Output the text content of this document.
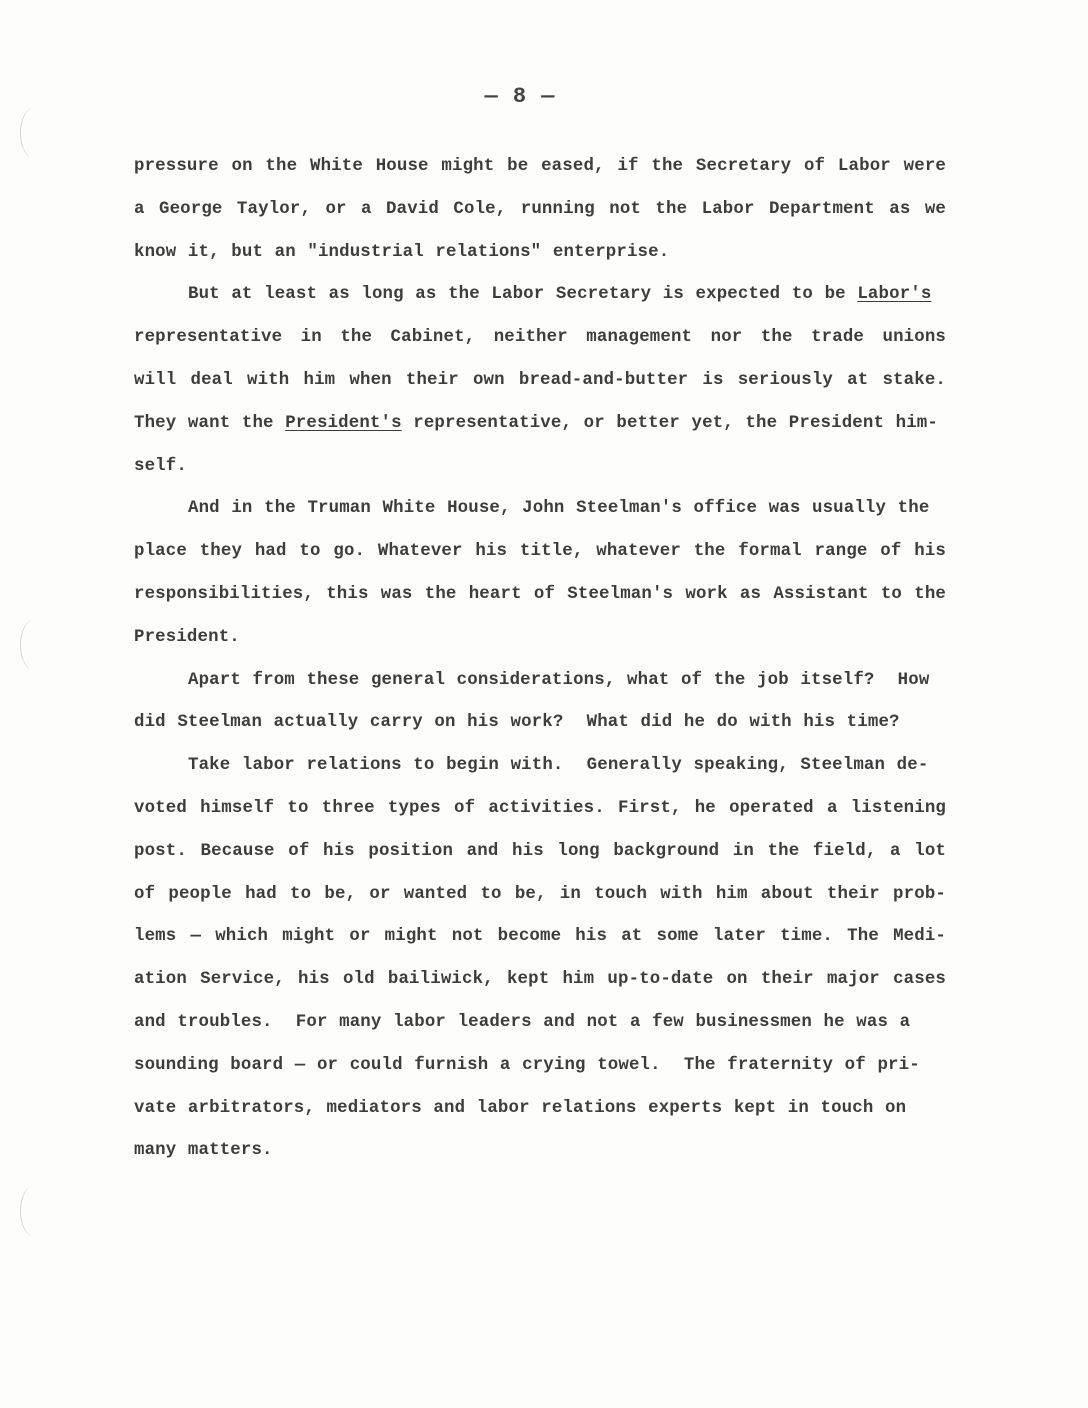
— 8 —
pressure on the White House might be eased, if the Secretary of Labor were
a George Taylor, or a David Cole, running not the Labor Department as we
know it, but an "industrial relations" enterprise.
But at least as long as the Labor Secretary is expected to be Labor's
representative in the Cabinet, neither management nor the trade unions
will deal with him when their own bread-and-butter is seriously at stake.
They want the President's representative, or better yet, the President him-
self.
And in the Truman White House, John Steelman's office was usually the
place they had to go. Whatever his title, whatever the formal range of his
responsibilities, this was the heart of Steelman's work as Assistant to the
President.
Apart from these general considerations, what of the job itself?  How
did Steelman actually carry on his work?  What did he do with his time?
Take labor relations to begin with.  Generally speaking, Steelman de-
voted himself to three types of activities. First, he operated a listening
post. Because of his position and his long background in the field, a lot
of people had to be, or wanted to be, in touch with him about their prob-
lems — which might or might not become his at some later time. The Medi-
ation Service, his old bailiwick, kept him up-to-date on their major cases
and troubles.  For many labor leaders and not a few businessmen he was a
sounding board — or could furnish a crying towel.  The fraternity of pri-
vate arbitrators, mediators and labor relations experts kept in touch on
many matters.
